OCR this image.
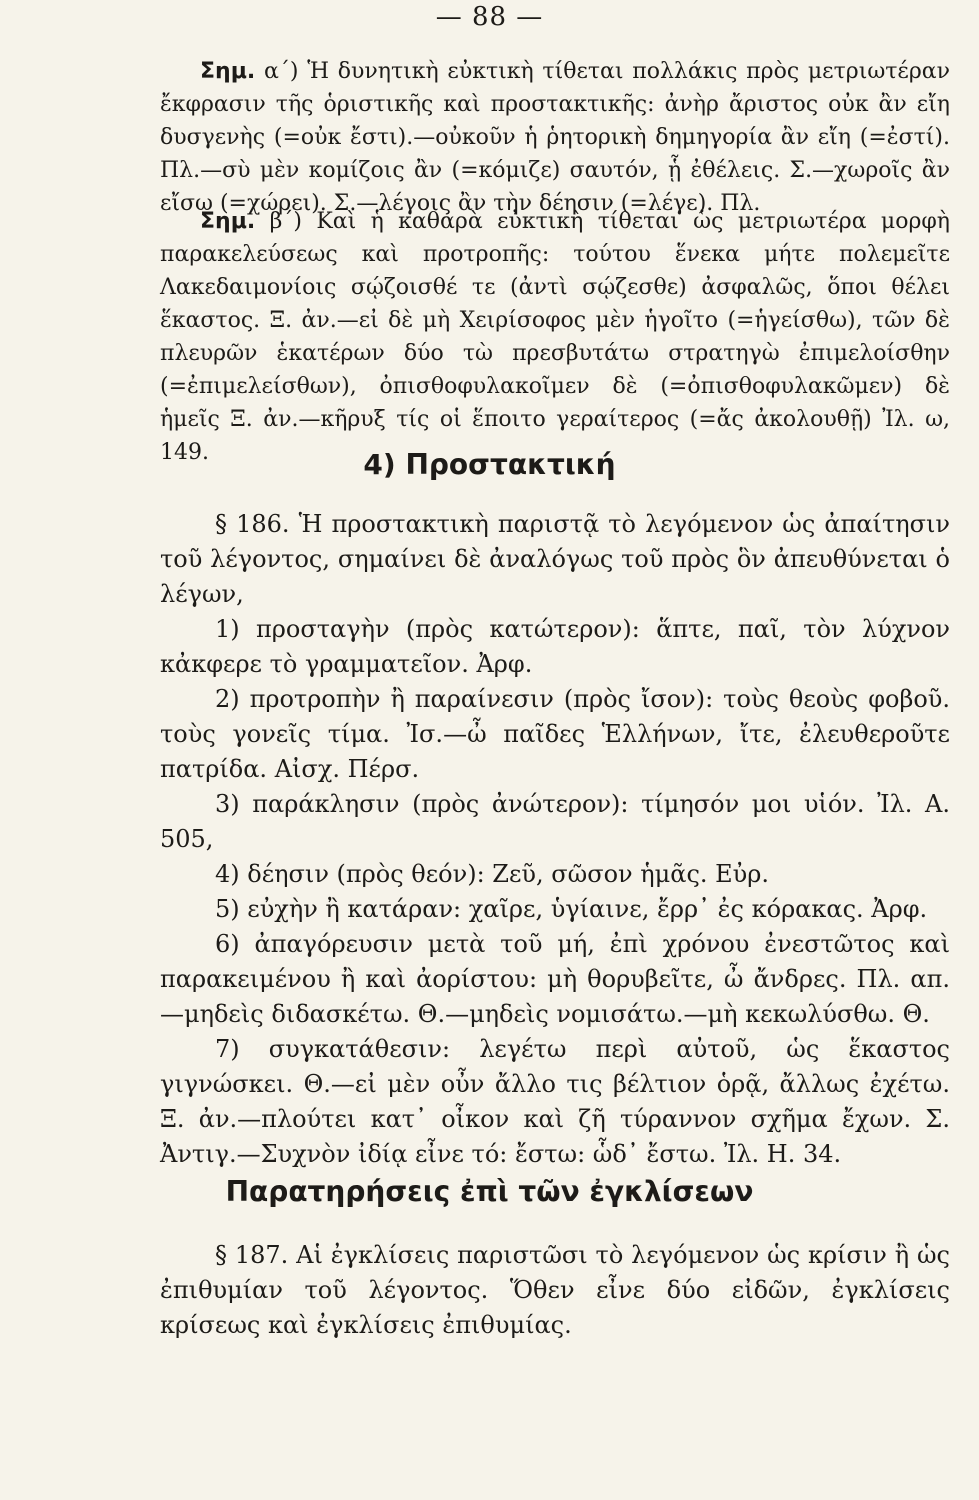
— 88 —
Σημ. α΄) Ἡ δυνητικὴ εὐκτικὴ τίθεται πολλάκις πρὸς μετριωτέραν ἔκφρασιν τῆς ὁριστικῆς καὶ προστακτικῆς: ἀνὴρ ἄριστος οὐκ ἂν εἴη δυσγενὴς (=οὐκ ἔστι).—οὐκοῦν ἡ ῥητορικὴ δημηγορία ἂν εἴη (=ἐστί). Πλ.—σὺ μὲν κομίζοις ἂν (=κόμιζε) σαυτόν, ᾗ ἐθέλεις. Σ.—χωροῖς ἂν εἴσω (=χώρει). Σ.—λέγοις ἂν τὴν δέησιν (=λέγε). Πλ.
Σημ. β΄) Καὶ ἡ καθαρὰ εὐκτικὴ τίθεται ὡς μετριωτέρα μορφὴ παρακελεύσεως καὶ προτροπῆς: τούτου ἕνεκα μήτε πολεμεῖτε Λακεδαιμονίοις σῴζοισθέ τε (ἀντὶ σῴζεσθε) ἀσφαλῶς, ὅποι θέλει ἕκαστος. Ξ. ἀν.—εἰ δὲ μὴ Χειρίσοφος μὲν ἡγοῖτο (=ἡγείσθω), τῶν δὲ πλευρῶν ἑκατέρων δύο τὼ πρεσβυτάτω στρατηγὼ ἐπιμελοίσθην (=ἐπιμελείσθων), ὀπισθοφυλακοῖμεν δὲ (=ὀπισθοφυλακῶμεν) δὲ ἡμεῖς Ξ. ἀν.—κῆρυξ τίς οἱ ἕποιτο γεραίτερος (=ἄς ἀκολουθῇ) Ἰλ. ω, 149.	4) Προστακτική
§ 186. Ἡ προστακτικὴ παριστᾷ τὸ λεγόμενον ὡς ἀπαίτησιν τοῦ λέγοντος, σημαίνει δὲ ἀναλόγως τοῦ πρὸς ὃν ἀπευθύνεται ὁ λέγων,
1) προσταγὴν (πρὸς κατώτερον): ἅπτε, παῖ, τὸν λύχνον κἀκφερε τὸ γραμματεῖον. Ἀρφ.
2) προτροπὴν ἢ παραίνεσιν (πρὸς ἴσον): τοὺς θεοὺς φοβοῦ. τοὺς γονεῖς τίμα. Ἰσ.—ὦ παῖδες Ἑλλήνων, ἴτε, ἐλευθεροῦτε πατρίδα. Αἰσχ. Πέρσ.
3) παράκλησιν (πρὸς ἀνώτερον): τίμησόν μοι υἱόν. Ἰλ. Α. 505,
4) δέησιν (πρὸς θεόν): Ζεῦ, σῶσον ἡμᾶς. Εὐρ.
5) εὐχὴν ἢ κατάραν: χαῖρε, ὑγίαινε, ἔρρ᾽ ἐς κόρακας. Ἀρφ.
6) ἀπαγόρευσιν μετὰ τοῦ μή, ἐπὶ χρόνου ἐνεστῶτος καὶ παρακειμένου ἢ καὶ ἀορίστου: μὴ θορυβεῖτε, ὦ ἄνδρες. Πλ. απ.—μηδεὶς διδασκέτω. Θ.—μηδεὶς νομισάτω.—μὴ κεκωλύσθω. Θ.
7) συγκατάθεσιν: λεγέτω περὶ αὐτοῦ, ὡς ἕκαστος γιγνώσκει. Θ.—εἰ μὲν οὖν ἄλλο τις βέλτιον ὁρᾷ, ἄλλως ἐχέτω. Ξ. ἀν.—πλούτει κατ᾽ οἶκον καὶ ζῆ τύραννον σχῆμα ἔχων. Σ. Ἀντιγ.—Συχνὸν ἰδίᾳ εἶνε τό: ἔστω: ὧδ᾽ ἔστω. Ἰλ. Η. 34.
Παρατηρήσεις ἐπὶ τῶν ἐγκλίσεων
§ 187. Αἱ ἐγκλίσεις παριστῶσι τὸ λεγόμενον ὡς κρίσιν ἢ ὡς ἐπιθυμίαν τοῦ λέγοντος. Ὅθεν εἶνε δύο εἰδῶν, ἐγκλίσεις κρίσεως καὶ ἐγκλίσεις ἐπιθυμίας.
